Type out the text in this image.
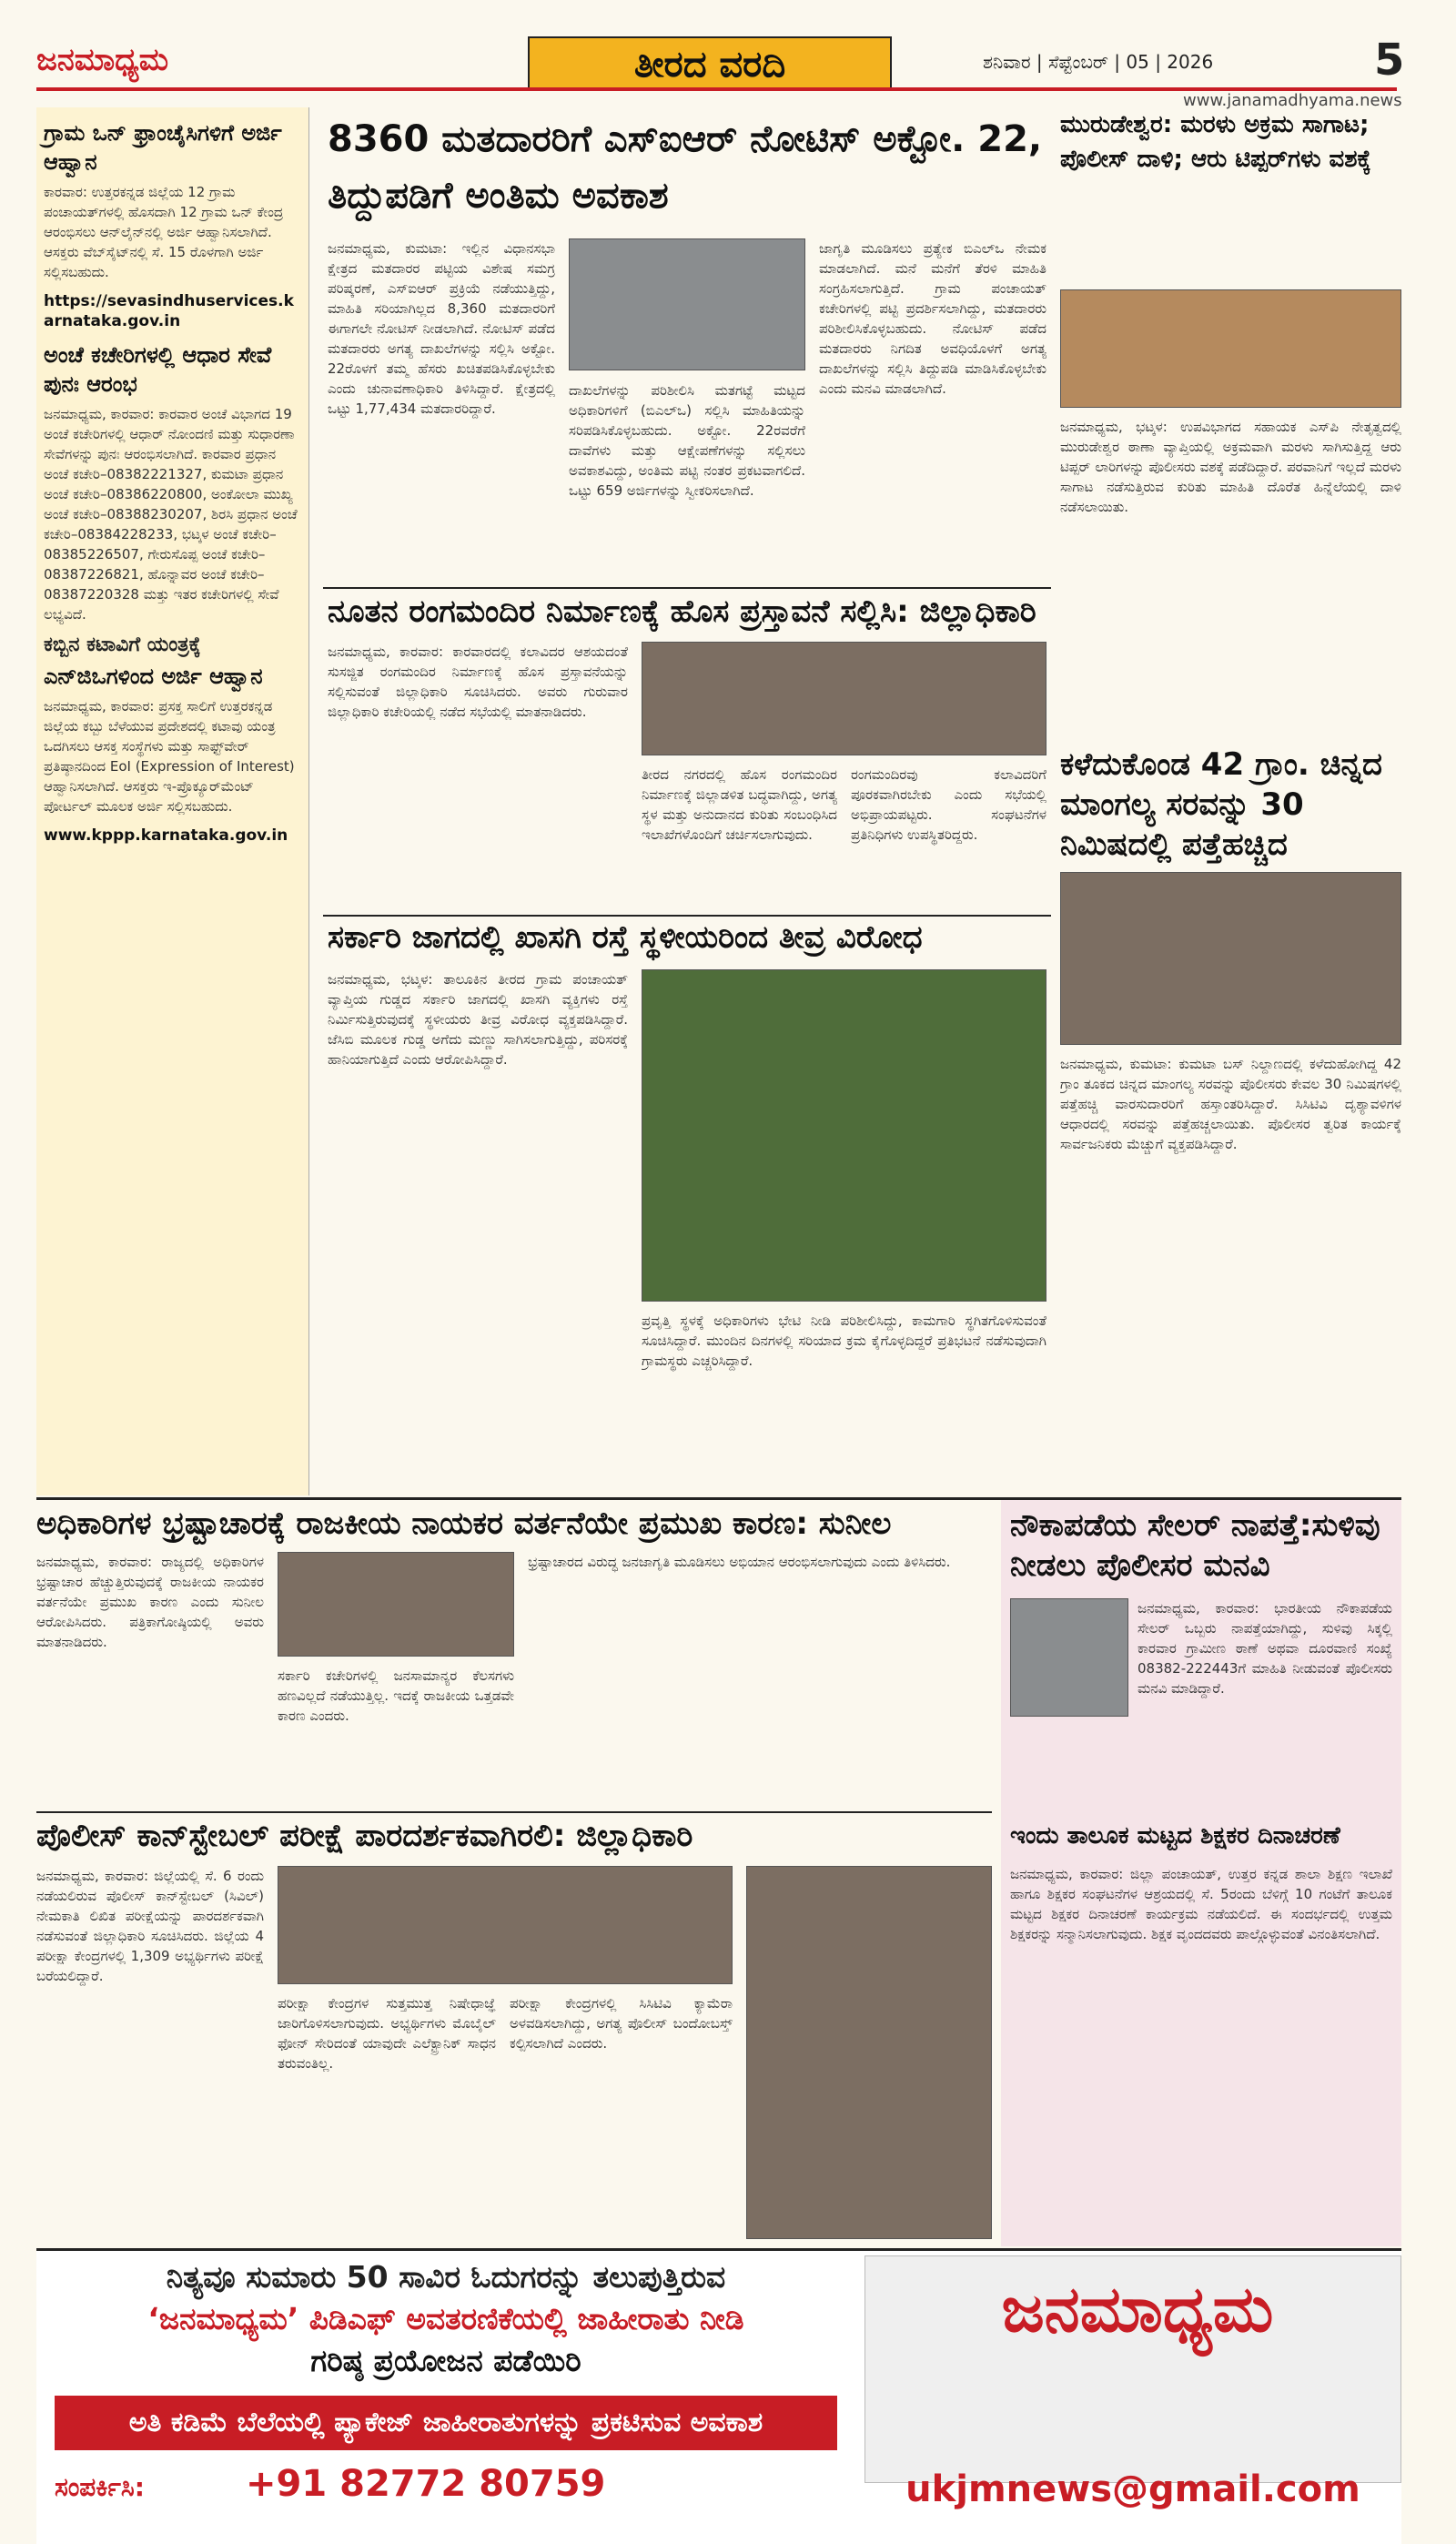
ಜನಮಾಧ್ಯಮ	ತೀರದ ವರದಿ	ಶನಿವಾರ | ಸೆಪ್ಟೆಂಬರ್ | 05 | 2026	5
www.janamadhyama.news
ಗ್ರಾಮ ಒನ್ ಫ್ರಾಂಚೈಸಿಗಳಿಗೆ ಅರ್ಜಿ ಆಹ್ವಾನ

ಕಾರವಾರ: ಉತ್ತರಕನ್ನಡ ಜಿಲ್ಲೆಯ 12 ಗ್ರಾಮ ಪಂಚಾಯತ್‌ಗಳಲ್ಲಿ ಹೊಸದಾಗಿ 12 ಗ್ರಾಮ ಒನ್ ಕೇಂದ್ರ ಆರಂಭಿಸಲು ಆನ್‌ಲೈನ್‌ನಲ್ಲಿ ಅರ್ಜಿ ಆಹ್ವಾನಿಸಲಾಗಿದೆ. ಆಸಕ್ತರು ವೆಬ್‌ಸೈಟ್‌ನಲ್ಲಿ ಸೆ. 15 ರೊಳಗಾಗಿ ಅರ್ಜಿ ಸಲ್ಲಿಸಬಹುದು.

https://sevasindhuservices.karnataka.gov.in

ಅಂಚೆ ಕಚೇರಿಗಳಲ್ಲಿ ಆಧಾರ ಸೇವೆ ಪುನಃ ಆರಂಭ

ಜನಮಾಧ್ಯಮ, ಕಾರವಾರ: ಕಾರವಾರ ಅಂಚೆ ವಿಭಾಗದ 19 ಅಂಚೆ ಕಚೇರಿಗಳಲ್ಲಿ ಆಧಾರ್ ನೋಂದಣಿ ಮತ್ತು ಸುಧಾರಣಾ ಸೇವೆಗಳನ್ನು ಪುನಃ ಆರಂಭಿಸಲಾಗಿದೆ. ಕಾರವಾರ ಪ್ರಧಾನ ಅಂಚೆ ಕಚೇರಿ–08382221327, ಕುಮಟಾ ಪ್ರಧಾನ ಅಂಚೆ ಕಚೇರಿ–08386220800, ಅಂಕೋಲಾ ಮುಖ್ಯ ಅಂಚೆ ಕಚೇರಿ–08388230207, ಶಿರಸಿ ಪ್ರಧಾನ ಅಂಚೆ ಕಚೇರಿ–08384228233, ಭಟ್ಕಳ ಅಂಚೆ ಕಚೇರಿ–08385226507, ಗೇರುಸೊಪ್ಪ ಅಂಚೆ ಕಚೇರಿ–08387226821, ಹೊನ್ನಾವರ ಅಂಚೆ ಕಚೇರಿ–08387220328 ಮತ್ತು ಇತರ ಕಚೇರಿಗಳಲ್ಲಿ ಸೇವೆ ಲಭ್ಯವಿದೆ.

ಕಬ್ಬಿನ ಕಟಾವಿಗೆ ಯಂತ್ರಕ್ಕೆ
ಎನ್‌ಜಿಒಗಳಿಂದ ಅರ್ಜಿ ಆಹ್ವಾನ

ಜನಮಾಧ್ಯಮ, ಕಾರವಾರ: ಪ್ರಸಕ್ತ ಸಾಲಿಗೆ ಉತ್ತರಕನ್ನಡ ಜಿಲ್ಲೆಯ ಕಬ್ಬು ಬೆಳೆಯುವ ಪ್ರದೇಶದಲ್ಲಿ ಕಟಾವು ಯಂತ್ರ ಒದಗಿಸಲು ಆಸಕ್ತ ಸಂಸ್ಥೆಗಳು ಮತ್ತು ಸಾಫ್ಟ್‌ವೇರ್ ಪ್ರತಿಷ್ಠಾನದಿಂದ EoI (Expression of Interest) ಆಹ್ವಾನಿಸಲಾಗಿದೆ. ಆಸಕ್ತರು ಇ-ಪ್ರೊಕ್ಯೂರ್‌ಮೆಂಟ್ ಪೋರ್ಟಲ್ ಮೂಲಕ ಅರ್ಜಿ ಸಲ್ಲಿಸಬಹುದು.

www.kppp.karnataka.gov.in

8360 ಮತದಾರರಿಗೆ ಎಸ್‌ಐಆರ್ ನೋಟಿಸ್ ಅಕ್ಟೋ. 22, ತಿದ್ದುಪಡಿಗೆ ಅಂತಿಮ ಅವಕಾಶ
ಜನಮಾಧ್ಯಮ, ಕುಮಟಾ: ಇಲ್ಲಿನ ವಿಧಾನಸಭಾ ಕ್ಷೇತ್ರದ ಮತದಾರರ ಪಟ್ಟಿಯ ವಿಶೇಷ ಸಮಗ್ರ ಪರಿಷ್ಕರಣೆ, ಎಸ್‌ಐಆರ್ ಪ್ರಕ್ರಿಯೆ ನಡೆಯುತ್ತಿದ್ದು, ಮಾಹಿತಿ ಸರಿಯಾಗಿಲ್ಲದ 8,360 ಮತದಾರರಿಗೆ ಈಗಾಗಲೇ ನೋಟಿಸ್ ನೀಡಲಾಗಿದೆ. ನೋಟಿಸ್ ಪಡೆದ ಮತದಾರರು ಅಗತ್ಯ ದಾಖಲೆಗಳನ್ನು ಸಲ್ಲಿಸಿ ಅಕ್ಟೋ. 22ರೊಳಗೆ ತಮ್ಮ ಹೆಸರು ಖಚಿತಪಡಿಸಿಕೊಳ್ಳಬೇಕು ಎಂದು ಚುನಾವಣಾಧಿಕಾರಿ ತಿಳಿಸಿದ್ದಾರೆ. ಕ್ಷೇತ್ರದಲ್ಲಿ ಒಟ್ಟು 1,77,434 ಮತದಾರರಿದ್ದಾರೆ.
ದಾಖಲೆಗಳನ್ನು ಪರಿಶೀಲಿಸಿ ಮತಗಟ್ಟೆ ಮಟ್ಟದ ಅಧಿಕಾರಿಗಳಿಗೆ (ಬಿಎಲ್‌ಒ) ಸಲ್ಲಿಸಿ ಮಾಹಿತಿಯನ್ನು ಸರಿಪಡಿಸಿಕೊಳ್ಳಬಹುದು. ಅಕ್ಟೋ. 22ರವರೆಗೆ ದಾವೆಗಳು ಮತ್ತು ಆಕ್ಷೇಪಣೆಗಳನ್ನು ಸಲ್ಲಿಸಲು ಅವಕಾಶವಿದ್ದು, ಅಂತಿಮ ಪಟ್ಟಿ ನಂತರ ಪ್ರಕಟವಾಗಲಿದೆ. ಒಟ್ಟು 659 ಅರ್ಜಿಗಳನ್ನು ಸ್ವೀಕರಿಸಲಾಗಿದೆ.
ಜಾಗೃತಿ ಮೂಡಿಸಲು ಪ್ರತ್ಯೇಕ ಬಿಎಲ್‌ಒ ನೇಮಕ ಮಾಡಲಾಗಿದೆ. ಮನೆ ಮನೆಗೆ ತೆರಳಿ ಮಾಹಿತಿ ಸಂಗ್ರಹಿಸಲಾಗುತ್ತಿದೆ. ಗ್ರಾಮ ಪಂಚಾಯತ್ ಕಚೇರಿಗಳಲ್ಲಿ ಪಟ್ಟಿ ಪ್ರದರ್ಶಿಸಲಾಗಿದ್ದು, ಮತದಾರರು ಪರಿಶೀಲಿಸಿಕೊಳ್ಳಬಹುದು. ನೋಟಿಸ್ ಪಡೆದ ಮತದಾರರು ನಿಗದಿತ ಅವಧಿಯೊಳಗೆ ಅಗತ್ಯ ದಾಖಲೆಗಳನ್ನು ಸಲ್ಲಿಸಿ ತಿದ್ದುಪಡಿ ಮಾಡಿಸಿಕೊಳ್ಳಬೇಕು ಎಂದು ಮನವಿ ಮಾಡಲಾಗಿದೆ.
ನೂತನ ರಂಗಮಂದಿರ ನಿರ್ಮಾಣಕ್ಕೆ ಹೊಸ ಪ್ರಸ್ತಾವನೆ ಸಲ್ಲಿಸಿ: ಜಿಲ್ಲಾಧಿಕಾರಿ
ಜನಮಾಧ್ಯಮ, ಕಾರವಾರ: ಕಾರವಾರದಲ್ಲಿ ಕಲಾವಿದರ ಆಶಯದಂತೆ ಸುಸಜ್ಜಿತ ರಂಗಮಂದಿರ ನಿರ್ಮಾಣಕ್ಕೆ ಹೊಸ ಪ್ರಸ್ತಾವನೆಯನ್ನು ಸಲ್ಲಿಸುವಂತೆ ಜಿಲ್ಲಾಧಿಕಾರಿ ಸೂಚಿಸಿದರು. ಅವರು ಗುರುವಾರ ಜಿಲ್ಲಾಧಿಕಾರಿ ಕಚೇರಿಯಲ್ಲಿ ನಡೆದ ಸಭೆಯಲ್ಲಿ ಮಾತನಾಡಿದರು.
ತೀರದ ನಗರದಲ್ಲಿ ಹೊಸ ರಂಗಮಂದಿರ ನಿರ್ಮಾಣಕ್ಕೆ ಜಿಲ್ಲಾಡಳಿತ ಬದ್ಧವಾಗಿದ್ದು, ಅಗತ್ಯ ಸ್ಥಳ ಮತ್ತು ಅನುದಾನದ ಕುರಿತು ಸಂಬಂಧಿಸಿದ ಇಲಾಖೆಗಳೊಂದಿಗೆ ಚರ್ಚಿಸಲಾಗುವುದು.
ರಂಗಮಂದಿರವು ಕಲಾವಿದರಿಗೆ ಪೂರಕವಾಗಿರಬೇಕು ಎಂದು ಸಭೆಯಲ್ಲಿ ಅಭಿಪ್ರಾಯಪಟ್ಟರು. ಸಂಘಟನೆಗಳ ಪ್ರತಿನಿಧಿಗಳು ಉಪಸ್ಥಿತರಿದ್ದರು.
ಸರ್ಕಾರಿ ಜಾಗದಲ್ಲಿ ಖಾಸಗಿ ರಸ್ತೆ ಸ್ಥಳೀಯರಿಂದ ತೀವ್ರ ವಿರೋಧ
ಜನಮಾಧ್ಯಮ, ಭಟ್ಕಳ: ತಾಲೂಕಿನ ತೀರದ ಗ್ರಾಮ ಪಂಚಾಯತ್ ವ್ಯಾಪ್ತಿಯ ಗುಡ್ಡದ ಸರ್ಕಾರಿ ಜಾಗದಲ್ಲಿ ಖಾಸಗಿ ವ್ಯಕ್ತಿಗಳು ರಸ್ತೆ ನಿರ್ಮಿಸುತ್ತಿರುವುದಕ್ಕೆ ಸ್ಥಳೀಯರು ತೀವ್ರ ವಿರೋಧ ವ್ಯಕ್ತಪಡಿಸಿದ್ದಾರೆ. ಜೆಸಿಬಿ ಮೂಲಕ ಗುಡ್ಡ ಅಗೆದು ಮಣ್ಣು ಸಾಗಿಸಲಾಗುತ್ತಿದ್ದು, ಪರಿಸರಕ್ಕೆ ಹಾನಿಯಾಗುತ್ತಿದೆ ಎಂದು ಆರೋಪಿಸಿದ್ದಾರೆ.
ಪ್ರವೃತ್ತಿ ಸ್ಥಳಕ್ಕೆ ಅಧಿಕಾರಿಗಳು ಭೇಟಿ ನೀಡಿ ಪರಿಶೀಲಿಸಿದ್ದು, ಕಾಮಗಾರಿ ಸ್ಥಗಿತಗೊಳಿಸುವಂತೆ ಸೂಚಿಸಿದ್ದಾರೆ. ಮುಂದಿನ ದಿನಗಳಲ್ಲಿ ಸರಿಯಾದ ಕ್ರಮ ಕೈಗೊಳ್ಳದಿದ್ದರೆ ಪ್ರತಿಭಟನೆ ನಡೆಸುವುದಾಗಿ ಗ್ರಾಮಸ್ಥರು ಎಚ್ಚರಿಸಿದ್ದಾರೆ.
ಮುರುಡೇಶ್ವರ: ಮರಳು ಅಕ್ರಮ ಸಾಗಾಟ; ಪೊಲೀಸ್ ದಾಳಿ; ಆರು ಟಿಪ್ಪರ್‌ಗಳು ವಶಕ್ಕೆ
ಜನಮಾಧ್ಯಮ, ಭಟ್ಕಳ: ಉಪವಿಭಾಗದ ಸಹಾಯಕ ಎಸ್‌ಪಿ ನೇತೃತ್ವದಲ್ಲಿ ಮುರುಡೇಶ್ವರ ಠಾಣಾ ವ್ಯಾಪ್ತಿಯಲ್ಲಿ ಅಕ್ರಮವಾಗಿ ಮರಳು ಸಾಗಿಸುತ್ತಿದ್ದ ಆರು ಟಿಪ್ಪರ್ ಲಾರಿಗಳನ್ನು ಪೊಲೀಸರು ವಶಕ್ಕೆ ಪಡೆದಿದ್ದಾರೆ. ಪರವಾನಿಗೆ ಇಲ್ಲದೆ ಮರಳು ಸಾಗಾಟ ನಡೆಸುತ್ತಿರುವ ಕುರಿತು ಮಾಹಿತಿ ದೊರೆತ ಹಿನ್ನೆಲೆಯಲ್ಲಿ ದಾಳಿ ನಡೆಸಲಾಯಿತು.
ಕಳೆದುಕೊಂಡ 42 ಗ್ರಾಂ. ಚಿನ್ನದ ಮಾಂಗಲ್ಯ ಸರವನ್ನು 30 ನಿಮಿಷದಲ್ಲಿ ಪತ್ತೆಹಚ್ಚಿದ
ಜನಮಾಧ್ಯಮ, ಕುಮಟಾ: ಕುಮಟಾ ಬಸ್ ನಿಲ್ದಾಣದಲ್ಲಿ ಕಳೆದುಹೋಗಿದ್ದ 42 ಗ್ರಾಂ ತೂಕದ ಚಿನ್ನದ ಮಾಂಗಲ್ಯ ಸರವನ್ನು ಪೊಲೀಸರು ಕೇವಲ 30 ನಿಮಿಷಗಳಲ್ಲಿ ಪತ್ತೆಹಚ್ಚಿ ವಾರಸುದಾರರಿಗೆ ಹಸ್ತಾಂತರಿಸಿದ್ದಾರೆ. ಸಿಸಿಟಿವಿ ದೃಶ್ಯಾವಳಿಗಳ ಆಧಾರದಲ್ಲಿ ಸರವನ್ನು ಪತ್ತೆಹಚ್ಚಲಾಯಿತು. ಪೊಲೀಸರ ತ್ವರಿತ ಕಾರ್ಯಕ್ಕೆ ಸಾರ್ವಜನಿಕರು ಮೆಚ್ಚುಗೆ ವ್ಯಕ್ತಪಡಿಸಿದ್ದಾರೆ.
ಅಧಿಕಾರಿಗಳ ಭ್ರಷ್ಟಾಚಾರಕ್ಕೆ ರಾಜಕೀಯ ನಾಯಕರ ವರ್ತನೆಯೇ ಪ್ರಮುಖ ಕಾರಣ: ಸುನೀಲ
ಜನಮಾಧ್ಯಮ, ಕಾರವಾರ: ರಾಜ್ಯದಲ್ಲಿ ಅಧಿಕಾರಿಗಳ ಭ್ರಷ್ಟಾಚಾರ ಹೆಚ್ಚುತ್ತಿರುವುದಕ್ಕೆ ರಾಜಕೀಯ ನಾಯಕರ ವರ್ತನೆಯೇ ಪ್ರಮುಖ ಕಾರಣ ಎಂದು ಸುನೀಲ ಆರೋಪಿಸಿದರು. ಪತ್ರಿಕಾಗೋಷ್ಠಿಯಲ್ಲಿ ಅವರು ಮಾತನಾಡಿದರು.
ಸರ್ಕಾರಿ ಕಚೇರಿಗಳಲ್ಲಿ ಜನಸಾಮಾನ್ಯರ ಕೆಲಸಗಳು ಹಣವಿಲ್ಲದೆ ನಡೆಯುತ್ತಿಲ್ಲ. ಇದಕ್ಕೆ ರಾಜಕೀಯ ಒತ್ತಡವೇ ಕಾರಣ ಎಂದರು.
ಭ್ರಷ್ಟಾಚಾರದ ವಿರುದ್ಧ ಜನಜಾಗೃತಿ ಮೂಡಿಸಲು ಅಭಿಯಾನ ಆರಂಭಿಸಲಾಗುವುದು ಎಂದು ತಿಳಿಸಿದರು.
ನೌಕಾಪಡೆಯ ಸೇಲರ್ ನಾಪತ್ತೆ:ಸುಳಿವು ನೀಡಲು ಪೊಲೀಸರ ಮನವಿ
ಜನಮಾಧ್ಯಮ, ಕಾರವಾರ: ಭಾರತೀಯ ನೌಕಾಪಡೆಯ ಸೇಲರ್ ಒಬ್ಬರು ನಾಪತ್ತೆಯಾಗಿದ್ದು, ಸುಳಿವು ಸಿಕ್ಕಲ್ಲಿ ಕಾರವಾರ ಗ್ರಾಮೀಣ ಠಾಣೆ ಅಥವಾ ದೂರವಾಣಿ ಸಂಖ್ಯೆ 08382-222443ಗೆ ಮಾಹಿತಿ ನೀಡುವಂತೆ ಪೊಲೀಸರು ಮನವಿ ಮಾಡಿದ್ದಾರೆ.
ಇಂದು ತಾಲೂಕ ಮಟ್ಟದ ಶಿಕ್ಷಕರ ದಿನಾಚರಣೆ
ಜನಮಾಧ್ಯಮ, ಕಾರವಾರ: ಜಿಲ್ಲಾ ಪಂಚಾಯತ್, ಉತ್ತರ ಕನ್ನಡ ಶಾಲಾ ಶಿಕ್ಷಣ ಇಲಾಖೆ ಹಾಗೂ ಶಿಕ್ಷಕರ ಸಂಘಟನೆಗಳ ಆಶ್ರಯದಲ್ಲಿ ಸೆ. 5ರಂದು ಬೆಳಿಗ್ಗೆ 10 ಗಂಟೆಗೆ ತಾಲೂಕ ಮಟ್ಟದ ಶಿಕ್ಷಕರ ದಿನಾಚರಣೆ ಕಾರ್ಯಕ್ರಮ ನಡೆಯಲಿದೆ. ಈ ಸಂದರ್ಭದಲ್ಲಿ ಉತ್ತಮ ಶಿಕ್ಷಕರನ್ನು ಸನ್ಮಾನಿಸಲಾಗುವುದು. ಶಿಕ್ಷಕ ವೃಂದದವರು ಪಾಲ್ಗೊಳ್ಳುವಂತೆ ವಿನಂತಿಸಲಾಗಿದೆ.
ಪೊಲೀಸ್ ಕಾನ್‌ಸ್ಟೇಬಲ್ ಪರೀಕ್ಷೆ ಪಾರದರ್ಶಕವಾಗಿರಲಿ: ಜಿಲ್ಲಾಧಿಕಾರಿ
ಜನಮಾಧ್ಯಮ, ಕಾರವಾರ: ಜಿಲ್ಲೆಯಲ್ಲಿ ಸೆ. 6 ರಂದು ನಡೆಯಲಿರುವ ಪೊಲೀಸ್ ಕಾನ್‌ಸ್ಟೇಬಲ್ (ಸಿವಿಲ್) ನೇಮಕಾತಿ ಲಿಖಿತ ಪರೀಕ್ಷೆಯನ್ನು ಪಾರದರ್ಶಕವಾಗಿ ನಡೆಸುವಂತೆ ಜಿಲ್ಲಾಧಿಕಾರಿ ಸೂಚಿಸಿದರು. ಜಿಲ್ಲೆಯ 4 ಪರೀಕ್ಷಾ ಕೇಂದ್ರಗಳಲ್ಲಿ 1,309 ಅಭ್ಯರ್ಥಿಗಳು ಪರೀಕ್ಷೆ ಬರೆಯಲಿದ್ದಾರೆ.
ಪರೀಕ್ಷಾ ಕೇಂದ್ರಗಳ ಸುತ್ತಮುತ್ತ ನಿಷೇಧಾಜ್ಞೆ ಜಾರಿಗೊಳಿಸಲಾಗುವುದು. ಅಭ್ಯರ್ಥಿಗಳು ಮೊಬೈಲ್ ಫೋನ್ ಸೇರಿದಂತೆ ಯಾವುದೇ ಎಲೆಕ್ಟ್ರಾನಿಕ್ ಸಾಧನ ತರುವಂತಿಲ್ಲ.
ಪರೀಕ್ಷಾ ಕೇಂದ್ರಗಳಲ್ಲಿ ಸಿಸಿಟಿವಿ ಕ್ಯಾಮೆರಾ ಅಳವಡಿಸಲಾಗಿದ್ದು, ಅಗತ್ಯ ಪೊಲೀಸ್ ಬಂದೋಬಸ್ತ್ ಕಲ್ಪಿಸಲಾಗಿದೆ ಎಂದರು.
ನಿತ್ಯವೂ ಸುಮಾರು 50 ಸಾವಿರ ಓದುಗರನ್ನು ತಲುಪುತ್ತಿರುವ
‘ಜನಮಾಧ್ಯಮ’ ಪಿಡಿಎಫ್ ಅವತರಣಿಕೆಯಲ್ಲಿ ಜಾಹೀರಾತು ನೀಡಿ
ಗರಿಷ್ಠ ಪ್ರಯೋಜನ ಪಡೆಯಿರಿ
ಅತಿ ಕಡಿಮೆ ಬೆಲೆಯಲ್ಲಿ ಪ್ಯಾಕೇಜ್ ಜಾಹೀರಾತುಗಳನ್ನು ಪ್ರಕಟಿಸುವ ಅವಕಾಶ
ಸಂಪರ್ಕಿಸಿ:	+91 82772 80759
ಜನಮಾಧ್ಯಮ
ukjmnews@gmail.com
